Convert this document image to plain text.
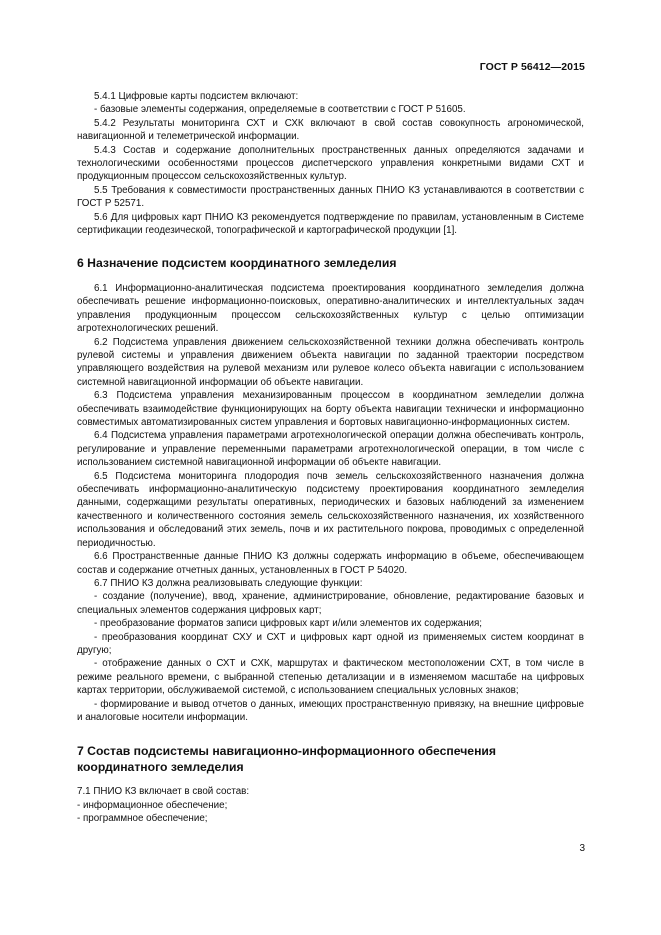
ГОСТ Р 56412—2015

5.4.1 Цифровые карты подсистем включают:

- базовые элементы содержания, определяемые в соответствии с ГОСТ Р 51605.

5.4.2 Результаты мониторинга СХТ и СХК включают в свой состав совокупность агрономической, навигационной и телеметрической информации.

5.4.3 Состав и содержание дополнительных пространственных данных определяются задачами и технологическими особенностями процессов диспетчерского управления конкретными видами СХТ и продукционным процессом сельскохозяйственных культур.

5.5 Требования к совместимости пространственных данных ПНИО КЗ устанавливаются в соответствии с ГОСТ Р 52571.

5.6 Для цифровых карт ПНИО КЗ рекомендуется подтверждение по правилам, установленным в Системе сертификации геодезической, топографической и картографической продукции [1].

6 Назначение подсистем координатного земледелия

6.1 Информационно-аналитическая подсистема проектирования координатного земледелия должна обеспечивать решение информационно-поисковых, оперативно-аналитических и интеллектуальных задач управления продукционным процессом сельскохозяйственных культур с целью оптимизации агротехнологических решений.

6.2 Подсистема управления движением сельскохозяйственной техники должна обеспечивать контроль рулевой системы и управления движением объекта навигации по заданной траектории посредством управляющего воздействия на рулевой механизм или рулевое колесо объекта навигации с использованием системной навигационной информации об объекте навигации.

6.3 Подсистема управления механизированным процессом в координатном земледелии должна обеспечивать взаимодействие функционирующих на борту объекта навигации технически и информационно совместимых автоматизированных систем управления и бортовых навигационно-информационных систем.

6.4 Подсистема управления параметрами агротехнологической операции должна обеспечивать контроль, регулирование и управление переменными параметрами агротехнологической операции, в том числе с использованием системной навигационной информации об объекте навигации.

6.5 Подсистема мониторинга плодородия почв земель сельскохозяйственного назначения должна обеспечивать информационно-аналитическую подсистему проектирования координатного земледелия данными, содержащими результаты оперативных, периодических и базовых наблюдений за изменением качественного и количественного состояния земель сельскохозяйственного назначения, их хозяйственного использования и обследований этих земель, почв и их растительного покрова, проводимых с определенной периодичностью.

6.6 Пространственные данные ПНИО КЗ должны содержать информацию в объеме, обеспечивающем состав и содержание отчетных данных, установленных в ГОСТ Р 54020.

6.7 ПНИО КЗ должна реализовывать следующие функции:

- создание (получение), ввод, хранение, администрирование, обновление, редактирование базовых и специальных элементов содержания цифровых карт;

- преобразование форматов записи цифровых карт и/или элементов их содержания;

- преобразования координат СХУ и СХТ и цифровых карт одной из применяемых систем координат в другую;

- отображение данных о СХТ и СХК, маршрутах и фактическом местоположении СХТ, в том числе в режиме реального времени, с выбранной степенью детализации и в изменяемом масштабе на цифровых картах территории, обслуживаемой системой, с использованием специальных условных знаков;

- формирование и вывод отчетов о данных, имеющих пространственную привязку, на внешние цифровые и аналоговые носители информации.

7 Состав подсистемы навигационно-информационного обеспечения координатного земледелия

7.1 ПНИО КЗ включает в свой состав:

- информационное обеспечение;

- программное обеспечение;

3
